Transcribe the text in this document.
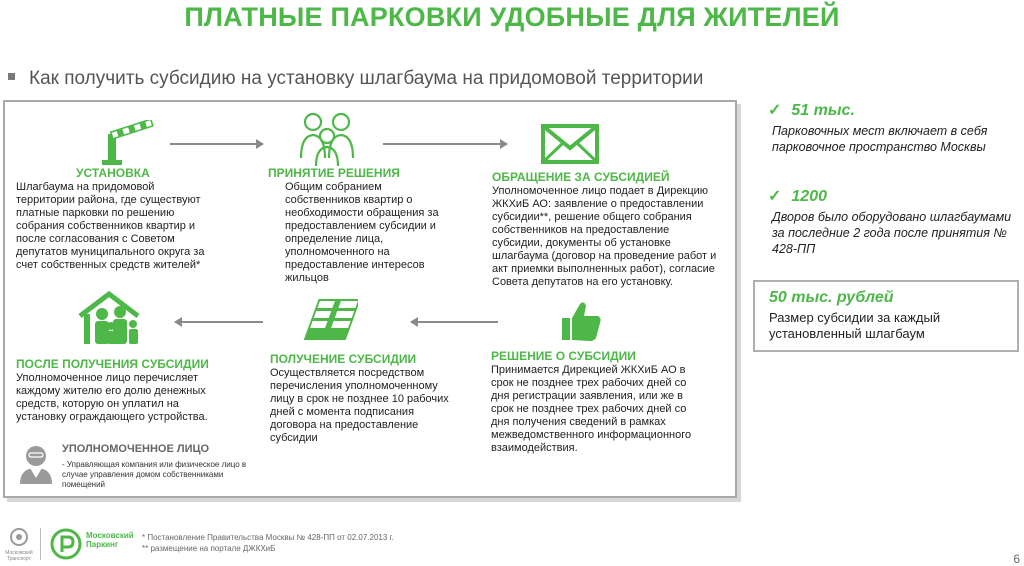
ПЛАТНЫЕ ПАРКОВКИ УДОБНЫЕ ДЛЯ ЖИТЕЛЕЙ
Как получить субсидию на установку шлагбаума на придомовой территории
УСТАНОВКА
Шлагбаума на придомовой территории района, где существуют платные парковки по решению собрания собственников квартир и после согласования с Советом депутатов муниципального округа за счет собственных средств жителей*
ПРИНЯТИЕ РЕШЕНИЯ
Общим собранием собственников квартир о необходимости обращения за предоставлением субсидии и определение лица, уполномоченного на предоставление интересов жильцов
ОБРАЩЕНИЕ ЗА СУБСИДИЕЙ
Уполномоченное лицо подает в Дирекцию ЖКХиБ АО: заявление о предоставлении субсидии**, решение общего собрания собственников на предоставление субсидии, документы об установке шлагбаума (договор на проведение работ и акт приемки выполненных работ), согласие Совета депутатов на его установку.
ПОСЛЕ ПОЛУЧЕНИЯ СУБСИДИИ
Уполномоченное лицо перечисляет каждому жителю его долю денежных средств, которую он уплатил на установку ограждающего устройства.
ПОЛУЧЕНИЕ СУБСИДИИ
Осуществляется посредством перечисления уполномоченному лицу в срок не позднее 10 рабочих дней с момента подписания договора на предоставление субсидии
РЕШЕНИЕ О СУБСИДИИ
Принимается Дирекцией ЖКХиБ АО в срок не позднее трех рабочих дней со дня регистрации заявления, или же в срок не позднее трех рабочих дней со дня получения сведений в рамках межведомственного информационного взаимодействия.
УПОЛНОМОЧЕННОЕ ЛИЦО
- Управляющая компания или физическое лицо в случае управления домом собственниками помещений
✓ 51 тыс.
Парковочных мест включает в себя парковочное пространство Москвы
✓ 1200
Дворов было оборудовано шлагбаумами за последние 2 года после принятия № 428-ПП
50 тыс. рублей
Размер субсидии за каждый установленный шлагбаум
Московский Транспорт
Московский Паркинг
* Постановление Правительства Москвы № 428-ПП от 02.07.2013 г.
** размещение на портале ДЖКХиБ
6
